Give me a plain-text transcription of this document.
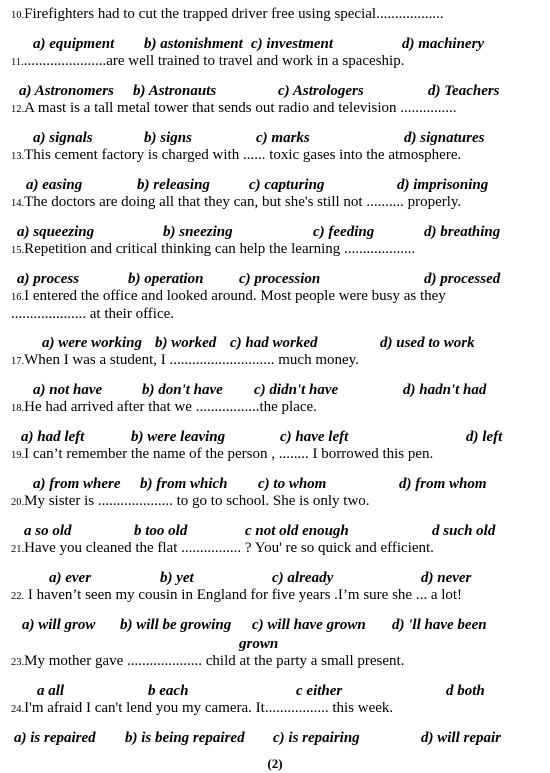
10.Firefighters had to cut the trapped driver free using special..................
a) equipment b) astonishment c) investment	d) machinery
11.......................are well trained to travel and work in a spaceship.
a) Astronomers b) Astronauts	c) Astrologers	d) Teachers
12.A mast is a tall metal tower that sends out radio and television ...............
a) signals	b) signs	c) marks	d) signatures
13.This cement factory is charged with ...... toxic gases into the atmosphere.
a) easing	b) releasing	c) capturing	d) imprisoning
14.The doctors are doing all that they can, but she's still not .......... properly.
a) squeezing	b) sneezing	c) feeding	d) breathing
15.Repetition and critical thinking can help the learning ...................
a) process	b) operation c) procession	d) processed
16.I entered the office and looked around. Most people were busy as they
.................... at their office.
a) were working b) worked c) had worked	d) used to work
17.When I was a student, I ............................ much money.
a) not have	b) don't have c) didn't have	d) hadn't had
18.He had arrived after that we .................the place.
a) had left	b) were leaving	c) have left	d) left
19.I can’t remember the name of the person , ........ I borrowed this pen.
a) from where b) from which c) to whom	d) from whom
20.My sister is .................... to go to school. She is only two.
a so old	b too old	c not old enough	d such old
21.Have you cleaned the flat ................ ? You' re so quick and efficient.
a) ever	b) yet	c) already	d) never
22. I haven’t seen my cousin in England for five years .I’m sure she ... a lot!
a) will grow b) will be growing c) will have grown d) 'll have been
grown
23.My mother gave .................... child at the party a small present.
a all	b each	c either	d both
24.I'm afraid I can't lend you my camera. It................. this week.
a) is repaired b) is being repaired c) is repairing	d) will repair
(2)
